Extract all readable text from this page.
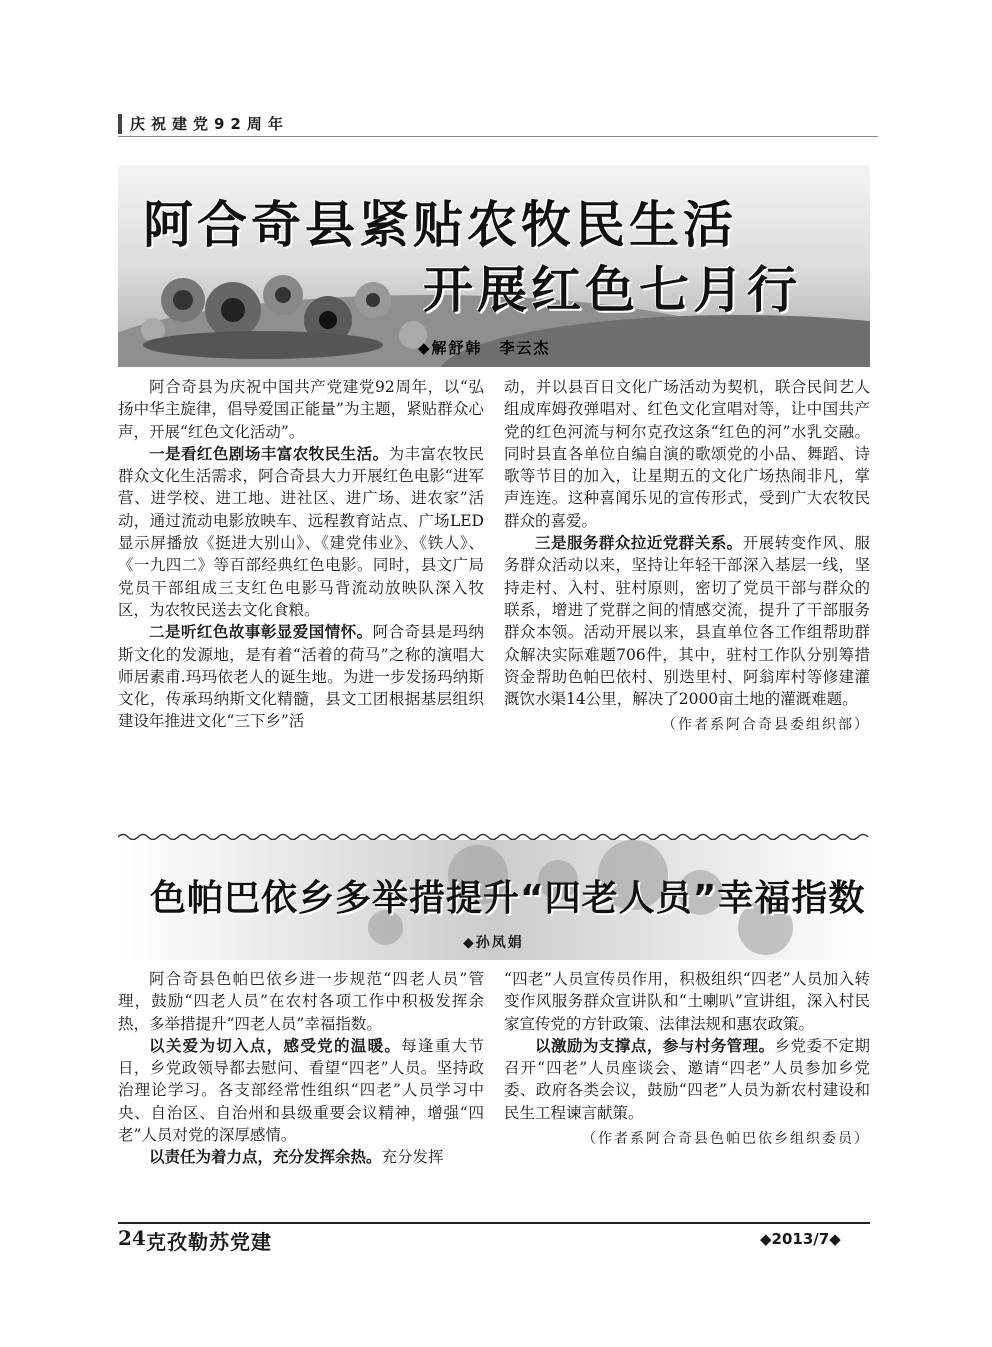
庆祝建党92周年
阿合奇县紧贴农牧民生活
开展红色七月行
◆解舒韩　李云杰

阿合奇县为庆祝中国共产党建党92周年，以“弘扬中华主旋律，倡导爱国正能量”为主题，紧贴群众心声，开展“红色文化活动”。

一是看红色剧场丰富农牧民生活。为丰富农牧民群众文化生活需求，阿合奇县大力开展红色电影“进军营、进学校、进工地、进社区、进广场、进农家”活动，通过流动电影放映车、远程教育站点、广场LED显示屏播放《挺进大别山》、《建党伟业》、《铁人》、《一九四二》等百部经典红色电影。同时，县文广局党员干部组成三支红色电影马背流动放映队深入牧区，为农牧民送去文化食粮。

二是听红色故事彰显爱国情怀。阿合奇县是玛纳斯文化的发源地，是有着“活着的荷马”之称的演唱大师居素甫.玛玛依老人的诞生地。为进一步发扬玛纳斯文化，传承玛纳斯文化精髓，县文工团根据基层组织建设年推进文化“三下乡”活

动，并以县百日文化广场活动为契机，联合民间艺人组成库姆孜弹唱对、红色文化宣唱对等，让中国共产党的红色河流与柯尔克孜这条“红色的河”水乳交融。同时县直各单位自编自演的歌颂党的小品、舞蹈、诗歌等节目的加入，让星期五的文化广场热闹非凡，掌声连连。这种喜闻乐见的宣传形式，受到广大农牧民群众的喜爱。

三是服务群众拉近党群关系。开展转变作风、服务群众活动以来，坚持让年轻干部深入基层一线，坚持走村、入村、驻村原则，密切了党员干部与群众的联系，增进了党群之间的情感交流，提升了干部服务群众本领。活动开展以来，县直单位各工作组帮助群众解决实际难题706件，其中，驻村工作队分别筹措资金帮助色帕巴依村、别迭里村、阿翁库村等修建灌溉饮水渠14公里，解决了2000亩土地的灌溉难题。

（作者系阿合奇县委组织部）

色帕巴依乡多举措提升“四老人员”幸福指数
◆孙凤娟

阿合奇县色帕巴依乡进一步规范“四老人员”管理，鼓励“四老人员”在农村各项工作中积极发挥余热，多举措提升“四老人员”幸福指数。

以关爱为切入点，感受党的温暖。每逢重大节日，乡党政领导都去慰问、看望“四老”人员。坚持政治理论学习。各支部经常性组织“四老”人员学习中央、自治区、自治州和县级重要会议精神，增强“四老”人员对党的深厚感情。

以责任为着力点，充分发挥余热。充分发挥

“四老”人员宣传员作用，积极组织“四老”人员加入转变作风服务群众宣讲队和“土喇叭”宣讲组，深入村民家宣传党的方针政策、法律法规和惠农政策。

以激励为支撑点，参与村务管理。乡党委不定期召开“四老”人员座谈会、邀请“四老”人员参加乡党委、政府各类会议，鼓励“四老”人员为新农村建设和民生工程谏言献策。

（作者系阿合奇县色帕巴依乡组织委员）

24 克孜勒苏党建	◆2013/7◆
